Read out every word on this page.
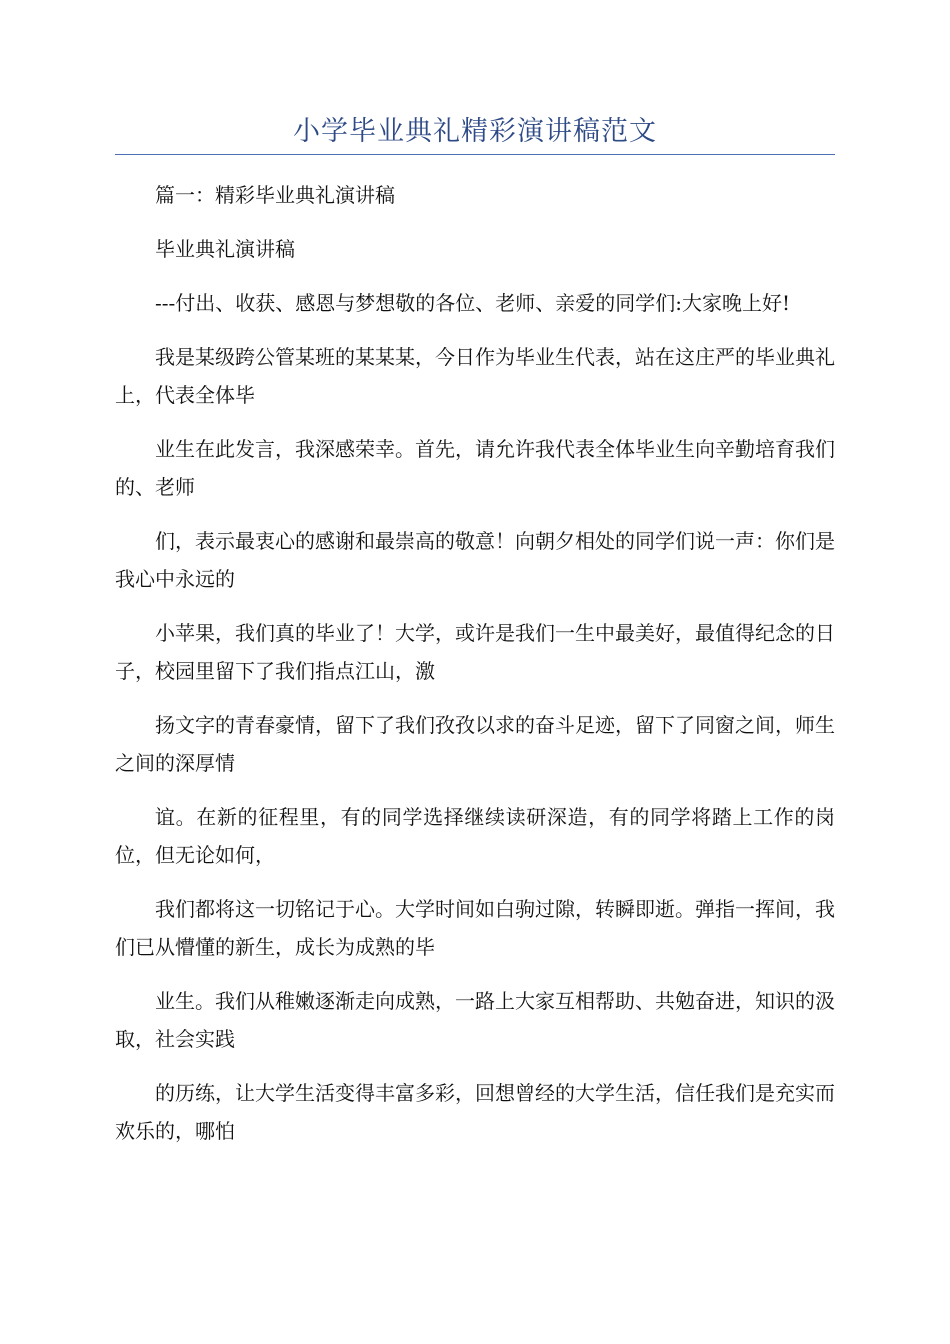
小学毕业典礼精彩演讲稿范文

篇一：精彩毕业典礼演讲稿

毕业典礼演讲稿

---付出、收获、感恩与梦想敬的各位、老师、亲爱的同学们:大家晚上好!

我是某级跨公管某班的某某某，今日作为毕业生代表，站在这庄严的毕业典礼上，代表全体毕

业生在此发言，我深感荣幸。首先，请允许我代表全体毕业生向辛勤培育我们的、老师

们，表示最衷心的感谢和最崇高的敬意！向朝夕相处的同学们说一声：你们是我心中永远的

小苹果，我们真的毕业了！大学，或许是我们一生中最美好，最值得纪念的日子，校园里留下了我们指点江山，激

扬文字的青春豪情，留下了我们孜孜以求的奋斗足迹，留下了同窗之间，师生之间的深厚情

谊。在新的征程里，有的同学选择继续读研深造，有的同学将踏上工作的岗位，但无论如何，

我们都将这一切铭记于心。大学时间如白驹过隙，转瞬即逝。弹指一挥间，我们已从懵懂的新生，成长为成熟的毕

业生。我们从稚嫩逐渐走向成熟，一路上大家互相帮助、共勉奋进，知识的汲取，社会实践

的历练，让大学生活变得丰富多彩，回想曾经的大学生活，信任我们是充实而欢乐的，哪怕
